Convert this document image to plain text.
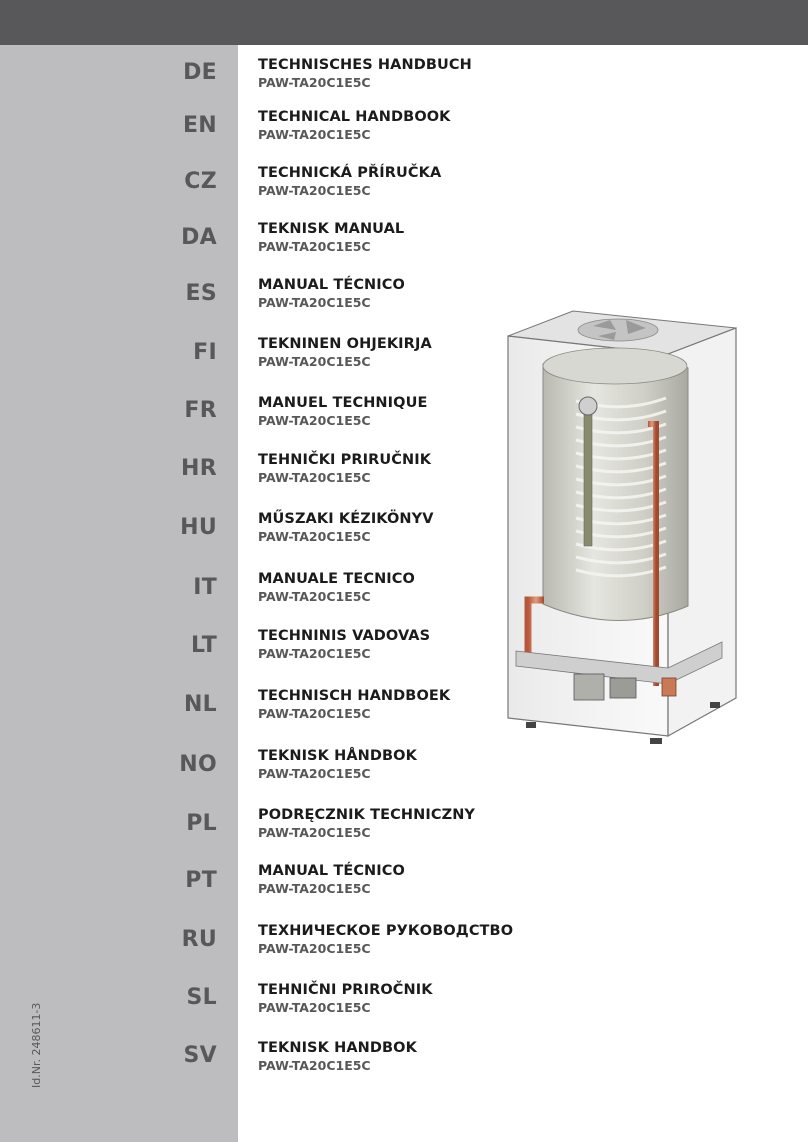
Id.Nr. 248611-3
DE
EN
CZ
DA
ES
FI
FR
HR
HU
IT
LT
NL
NO
PL
PT
RU
SL
SV
TECHNISCHES HANDBUCH
PAW-TA20C1E5C
TECHNICAL HANDBOOK
PAW-TA20C1E5C
TECHNICKÁ PŘÍRUČKA
PAW-TA20C1E5C
TEKNISK MANUAL
PAW-TA20C1E5C
MANUAL TÉCNICO
PAW-TA20C1E5C
TEKNINEN OHJEKIRJA
PAW-TA20C1E5C
MANUEL TECHNIQUE
PAW-TA20C1E5C
TEHNIČKI PRIRUČNIK
PAW-TA20C1E5C
MŰSZAKI KÉZIKÖNYV
PAW-TA20C1E5C
MANUALE TECNICO
PAW-TA20C1E5C
TECHNINIS VADOVAS
PAW-TA20C1E5C
TECHNISCH HANDBOEK
PAW-TA20C1E5C
TEKNISK HÅNDBOK
PAW-TA20C1E5C
PODRĘCZNIK TECHNICZNY
PAW-TA20C1E5C
MANUAL TÉCNICO
PAW-TA20C1E5C
ТЕХНИЧЕСКОЕ РУКОВОДСТВО
PAW-TA20C1E5C
TEHNIČNI PRIROČNIK
PAW-TA20C1E5C
TEKNISK HANDBOK
PAW-TA20C1E5C
